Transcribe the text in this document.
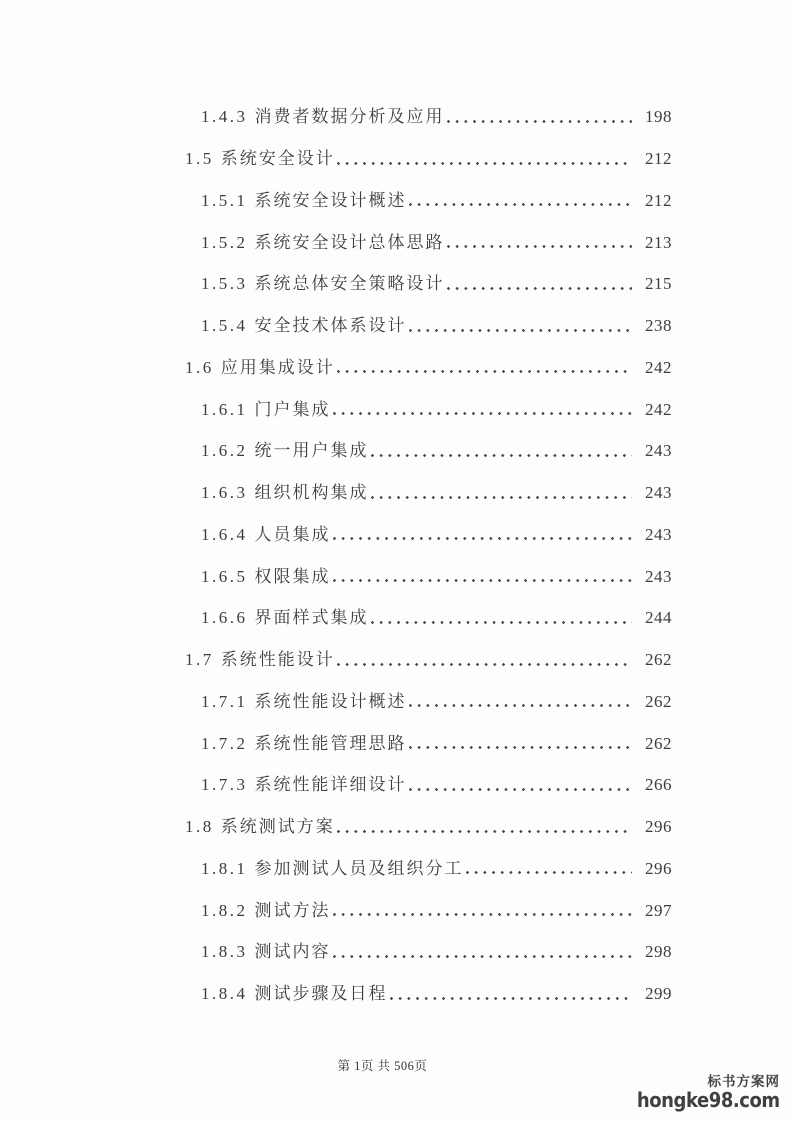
1.4.3 消费者数据分析及应用	198
1.5 系统安全设计	212
1.5.1 系统安全设计概述	212
1.5.2 系统安全设计总体思路	213
1.5.3 系统总体安全策略设计	215
1.5.4 安全技术体系设计	238
1.6 应用集成设计	242
1.6.1 门户集成	242
1.6.2 统一用户集成	243
1.6.3 组织机构集成	243
1.6.4 人员集成	243
1.6.5 权限集成	243
1.6.6 界面样式集成	244
1.7 系统性能设计	262
1.7.1 系统性能设计概述	262
1.7.2 系统性能管理思路	262
1.7.3 系统性能详细设计	266
1.8 系统测试方案	296
1.8.1 参加测试人员及组织分工	296
1.8.2 测试方法	297
1.8.3 测试内容	298
1.8.4 测试步骤及日程	299

第 1页 共 506页

标书方案网
hongke98.com
